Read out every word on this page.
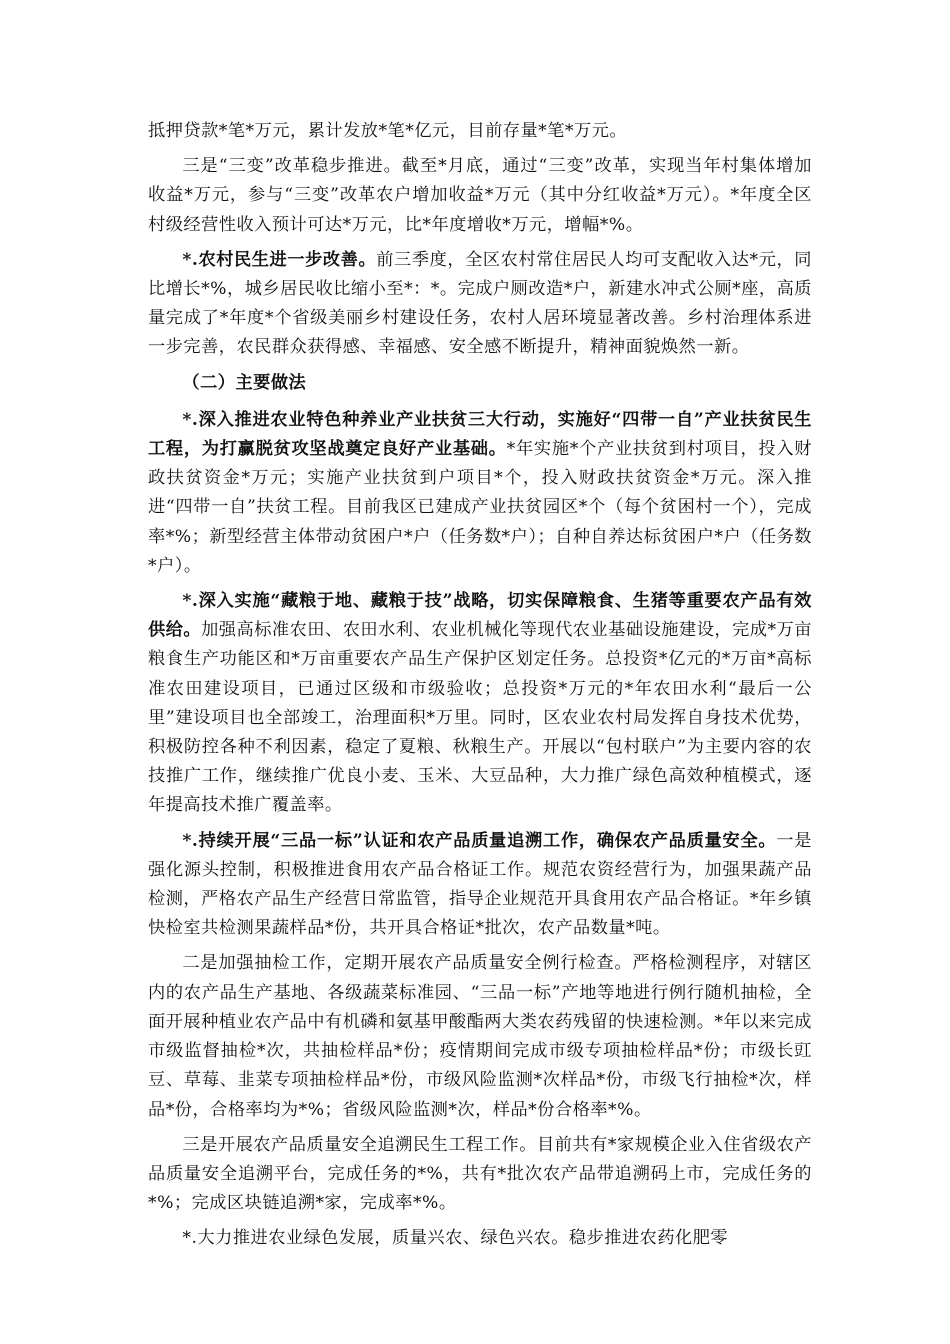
抵押贷款*笔*万元，累计发放*笔*亿元，目前存量*笔*万元。

三是“三变”改革稳步推进。截至*月底，通过“三变”改革，实现当年村集体增加收益*万元，参与“三变”改革农户增加收益*万元（其中分红收益*万元）。*年度全区村级经营性收入预计可达*万元，比*年度增收*万元，增幅*%。

*.农村民生进一步改善。前三季度，全区农村常住居民人均可支配收入达*元，同比增长*%，城乡居民收比缩小至*：*。完成户厕改造*户，新建水冲式公厕*座，高质量完成了*年度*个省级美丽乡村建设任务，农村人居环境显著改善。乡村治理体系进一步完善，农民群众获得感、幸福感、安全感不断提升，精神面貌焕然一新。

（二）主要做法

*.深入推进农业特色种养业产业扶贫三大行动，实施好“四带一自”产业扶贫民生工程，为打赢脱贫攻坚战奠定良好产业基础。*年实施*个产业扶贫到村项目，投入财政扶贫资金*万元；实施产业扶贫到户项目*个，投入财政扶贫资金*万元。深入推进“四带一自”扶贫工程。目前我区已建成产业扶贫园区*个（每个贫困村一个），完成率*%；新型经营主体带动贫困户*户（任务数*户）；自种自养达标贫困户*户（任务数*户）。

*.深入实施“藏粮于地、藏粮于技”战略，切实保障粮食、生猪等重要农产品有效供给。加强高标准农田、农田水利、农业机械化等现代农业基础设施建设，完成*万亩粮食生产功能区和*万亩重要农产品生产保护区划定任务。总投资*亿元的*万亩*高标准农田建设项目，已通过区级和市级验收；总投资*万元的*年农田水利“最后一公里”建设项目也全部竣工，治理面积*万里。同时，区农业农村局发挥自身技术优势，积极防控各种不利因素，稳定了夏粮、秋粮生产。开展以“包村联户”为主要内容的农技推广工作，继续推广优良小麦、玉米、大豆品种，大力推广绿色高效种植模式，逐年提高技术推广覆盖率。

*.持续开展“三品一标”认证和农产品质量追溯工作，确保农产品质量安全。一是强化源头控制，积极推进食用农产品合格证工作。规范农资经营行为，加强果蔬产品检测，严格农产品生产经营日常监管，指导企业规范开具食用农产品合格证。*年乡镇快检室共检测果蔬样品*份，共开具合格证*批次，农产品数量*吨。

二是加强抽检工作，定期开展农产品质量安全例行检查。严格检测程序，对辖区内的农产品生产基地、各级蔬菜标准园、“三品一标”产地等地进行例行随机抽检，全面开展种植业农产品中有机磷和氨基甲酸酯两大类农药残留的快速检测。*年以来完成市级监督抽检*次，共抽检样品*份；疫情期间完成市级专项抽检样品*份；市级长豇豆、草莓、韭菜专项抽检样品*份，市级风险监测*次样品*份，市级飞行抽检*次，样品*份，合格率均为*%；省级风险监测*次，样品*份合格率*%。

三是开展农产品质量安全追溯民生工程工作。目前共有*家规模企业入住省级农产品质量安全追溯平台，完成任务的*%，共有*批次农产品带追溯码上市，完成任务的*%；完成区块链追溯*家，完成率*%。

*.大力推进农业绿色发展，质量兴农、绿色兴农。稳步推进农药化肥零
